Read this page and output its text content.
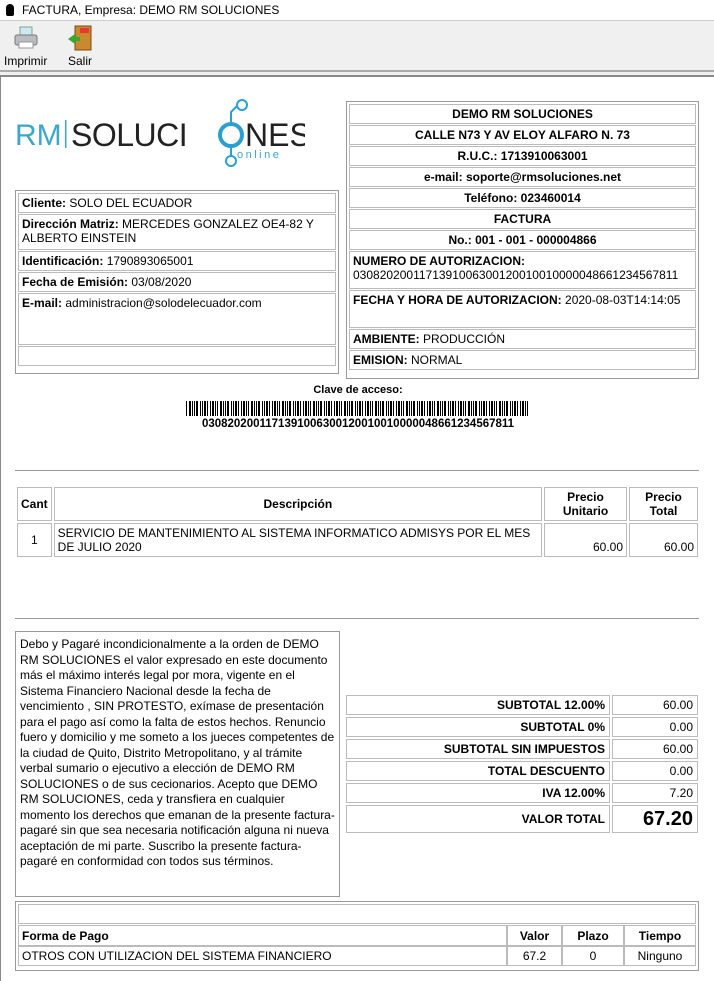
FACTURA, Empresa: DEMO RM SOLUCIONES
Imprimir Salir
RM SOLUCI NES
online
DEMO RM SOLUCIONES
CALLE N73 Y AV ELOY ALFARO N. 73
R.U.C.: 1713910063001
e-mail: soporte@rmsoluciones.net
Teléfono: 023460014
FACTURA
No.: 001 - 001 - 000004866
NUMERO DE AUTORIZACION:
0308202001171391006300120010010000048661234567811
FECHA Y HORA DE AUTORIZACION: 2020-08-03T14:14:05
AMBIENTE: PRODUCCIÓN
EMISION: NORMAL
Cliente: SOLO DEL ECUADOR
Dirección Matriz: MERCEDES GONZALEZ OE4-82 Y ALBERTO EINSTEIN
Identificación: 1790893065001
Fecha de Emisión: 03/08/2020
E-mail: administracion@solodelecuador.com
Clave de acceso:
0308202001171391006300120010010000048661234567811
Cant	Descripción	Precio Unitario	Precio Total
1	SERVICIO DE MANTENIMIENTO AL SISTEMA INFORMATICO ADMISYS POR EL MES DE JULIO 2020	60.00	60.00
Debo y Pagaré incondicionalmente a la orden de DEMO RM SOLUCIONES el valor expresado en este documento más el máximo interés legal por mora, vigente en el Sistema Financiero Nacional desde la fecha de vencimiento , SIN PROTESTO, exímase de presentación para el pago así como la falta de estos hechos. Renuncio fuero y domicilio y me someto a los jueces competentes de la ciudad de Quito, Distrito Metropolitano, y al trámite verbal sumario o ejecutivo a elección de DEMO RM SOLUCIONES o de sus cecionarios. Acepto que DEMO RM SOLUCIONES, ceda y transfiera en cualquier momento los derechos que emanan de la presente factura-pagaré sin que sea necesaria notificación alguna ni nueva aceptación de mi parte. Suscribo la presente factura-pagaré en conformidad con todos sus términos.
SUBTOTAL 12.00%	60.00
SUBTOTAL 0%	0.00
SUBTOTAL SIN IMPUESTOS	60.00
TOTAL DESCUENTO	0.00
IVA 12.00%	7.20
VALOR TOTAL	67.20
Forma de Pago	Valor	Plazo	Tiempo
OTROS CON UTILIZACION DEL SISTEMA FINANCIERO	67.2	0	Ninguno
